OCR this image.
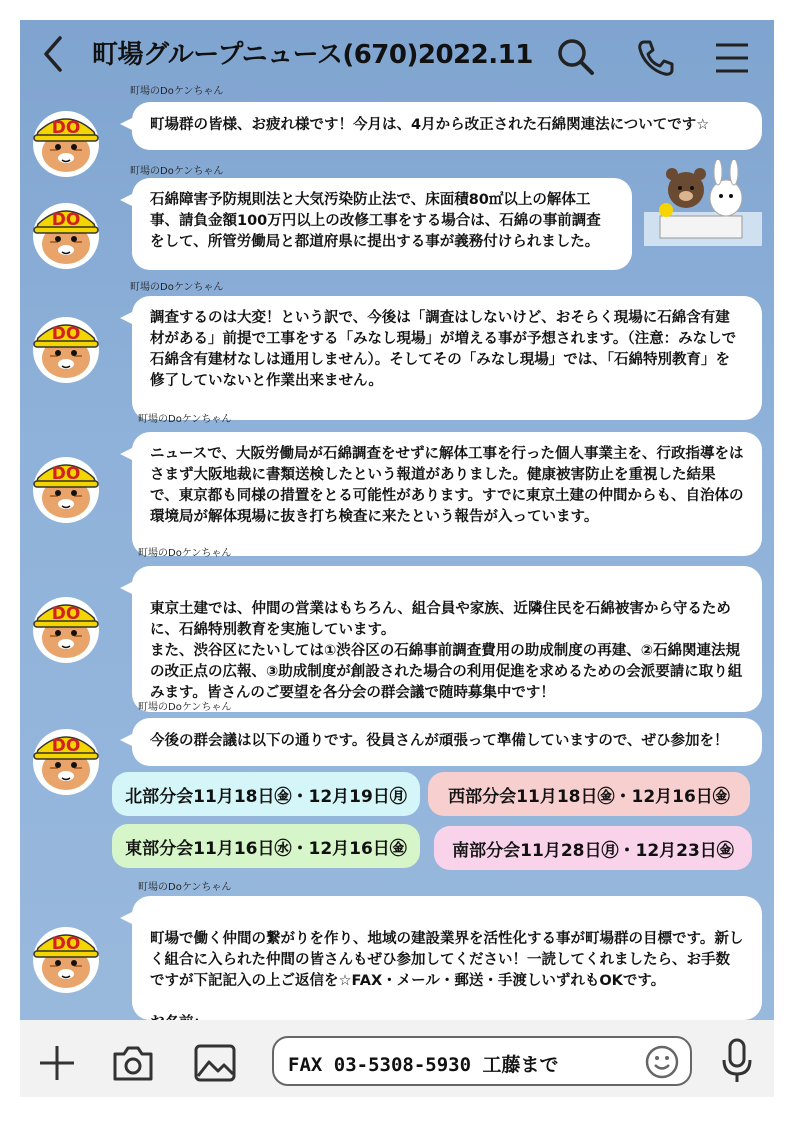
町場グループニュース(670)2022.11
町場のDoケンちゃん
DO	町場群の皆様、お疲れ様です！今月は、4月から改正された石綿関連法についてです☆
町場のDoケンちゃん
DO
石綿障害予防規則法と大気汚染防止法で、床面積80㎡以上の解体工事、請負金額100万円以上の改修工事をする場合は、石綿の事前調査をして、所管労働局と都道府県に提出する事が義務付けられました。
町場のDoケンちゃん
DO
調査するのは大変！という訳で、今後は「調査はしないけど、おそらく現場に石綿含有建材がある」前提で工事をする「みなし現場」が増える事が予想されます。（注意：みなしで石綿含有建材なしは通用しません）。そしてその「みなし現場」では、「石綿特別教育」を修了していないと作業出来ません。
町場のDoケンちゃん
DO
ニュースで、大阪労働局が石綿調査をせずに解体工事を行った個人事業主を、行政指導をはさまず大阪地裁に書類送検したという報道がありました。健康被害防止を重視した結果で、東京都も同様の措置をとる可能性があります。すでに東京土建の仲間からも、自治体の環境局が解体現場に抜き打ち検査に来たという報告が入っています。
町場のDoケンちゃん
DO	東京土建では、仲間の営業はもちろん、組合員や家族、近隣住民を石綿被害から守るために、石綿特別教育を実施しています。
また、渋谷区にたいしては①渋谷区の石綿事前調査費用の助成制度の再建、②石綿関連法規の改正点の広報、③助成制度が創設された場合の利用促進を求めるための会派要請に取り組みます。皆さんのご要望を各分会の群会議で随時募集中です！

町場のDoケンちゃん
DO	今後の群会議は以下の通りです。役員さんが頑張って準備していますので、ぜひ参加を！
北部分会11月18日㊎・12月19日㊊	西部分会11月18日㊎・12月16日㊎
東部分会11月16日㊌・12月16日㊎	南部分会11月28日㊊・12月23日㊎
町場のDoケンちゃん
DO	町場で働く仲間の繋がりを作り、地域の建設業界を活性化する事が町場群の目標です。新しく組合に入られた仲間の皆さんもぜひ参加してください！一読してくれましたら、お手数ですが下記記入の上ご返信を☆FAX・メール・郵送・手渡しいずれもOKです。

FAX 03-5308-5930 工藤まで
